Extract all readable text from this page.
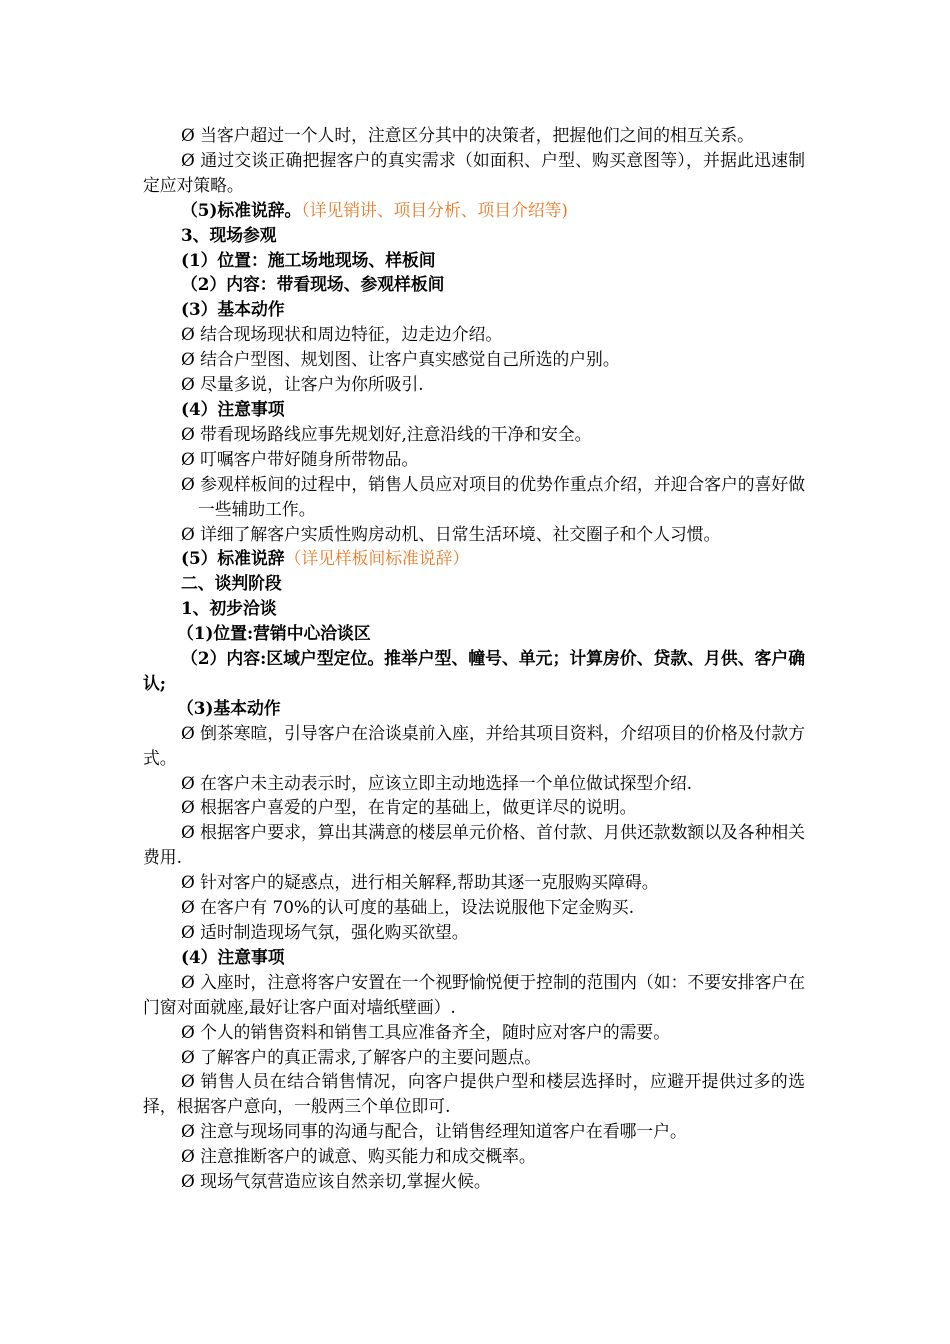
Ø 当客户超过一个人时，注意区分其中的决策者，把握他们之间的相互关系。

Ø 通过交谈正确把握客户的真实需求（如面积、户型、购买意图等），并据此迅速制定应对策略。

（5)标准说辞。（详见销讲、项目分析、项目介绍等)

3、现场参观

(1）位置：施工场地现场、样板间

（2）内容：带看现场、参观样板间

(3）基本动作

Ø 结合现场现状和周边特征，边走边介绍。

Ø 结合户型图、规划图、让客户真实感觉自己所选的户别。

Ø 尽量多说，让客户为你所吸引.

(4）注意事项

Ø 带看现场路线应事先规划好,注意沿线的干净和安全。

Ø 叮嘱客户带好随身所带物品。

Ø 参观样板间的过程中，销售人员应对项目的优势作重点介绍，并迎合客户的喜好做一些辅助工作。

Ø 详细了解客户实质性购房动机、日常生活环境、社交圈子和个人习惯。

(5）标准说辞（详见样板间标准说辞）

二、谈判阶段

1、初步洽谈

（1)位置:营销中心洽谈区

（2）内容:区域户型定位。推举户型、幢号、单元；计算房价、贷款、月供、客户确认;

（3)基本动作

Ø 倒茶寒暄，引导客户在洽谈桌前入座，并给其项目资料，介绍项目的价格及付款方式。

Ø 在客户未主动表示时，应该立即主动地选择一个单位做试探型介绍.

Ø 根据客户喜爱的户型，在肯定的基础上，做更详尽的说明。

Ø 根据客户要求，算出其满意的楼层单元价格、首付款、月供还款数额以及各种相关费用.

Ø 针对客户的疑惑点，进行相关解释,帮助其逐一克服购买障碍。

Ø 在客户有 70%的认可度的基础上，设法说服他下定金购买.

Ø 适时制造现场气氛，强化购买欲望。

(4）注意事项

Ø 入座时，注意将客户安置在一个视野愉悦便于控制的范围内（如：不要安排客户在门窗对面就座,最好让客户面对墙纸壁画）.

Ø 个人的销售资料和销售工具应准备齐全，随时应对客户的需要。

Ø 了解客户的真正需求,了解客户的主要问题点。

Ø 销售人员在结合销售情况，向客户提供户型和楼层选择时，应避开提供过多的选择，根据客户意向，一般两三个单位即可.

Ø 注意与现场同事的沟通与配合，让销售经理知道客户在看哪一户。

Ø 注意推断客户的诚意、购买能力和成交概率。

Ø 现场气氛营造应该自然亲切,掌握火候。
